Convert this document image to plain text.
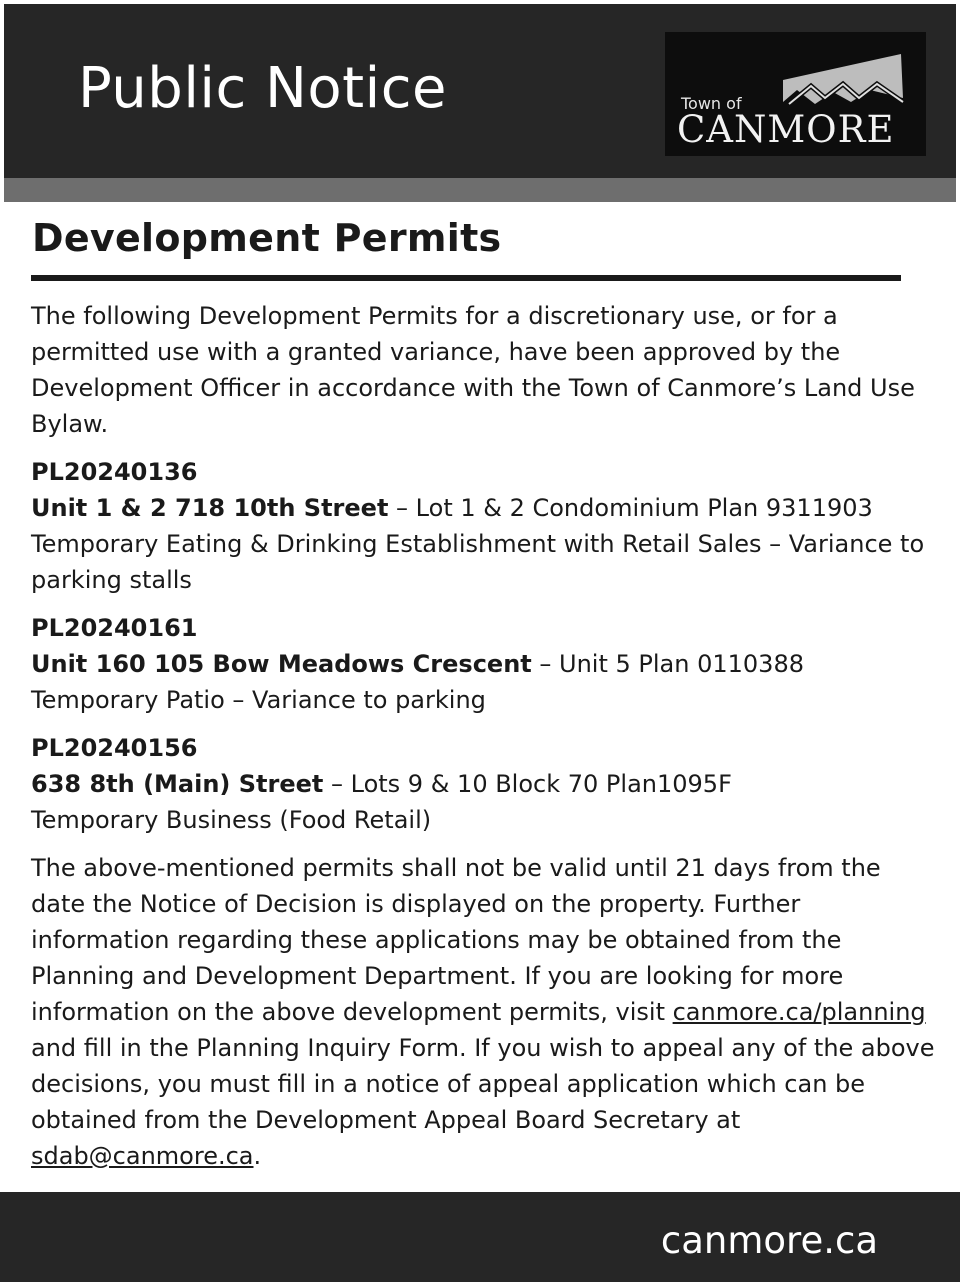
Public Notice	Town of
CANMORE
Development Permits

The following Development Permits for a discretionary use, or for a permitted use with a granted variance, have been approved by the Development Officer in accordance with the Town of Canmore’s Land Use Bylaw.

PL20240136
Unit 1 & 2 718 10th Street – Lot 1 & 2 Condominium Plan 9311903
Temporary Eating & Drinking Establishment with Retail Sales – Variance to parking stalls
PL20240161
Unit 160 105 Bow Meadows Crescent – Unit 5 Plan 0110388
Temporary Patio – Variance to parking
PL20240156
638 8th (Main) Street – Lots 9 & 10 Block 70 Plan1095F
Temporary Business (Food Retail)

The above-mentioned permits shall not be valid until 21 days from the date the Notice of Decision is displayed on the property. Further information regarding these applications may be obtained from the Planning and Development Department. If you are looking for more information on the above development permits, visit canmore.ca/planning and fill in the Planning Inquiry Form. If you wish to appeal any of the above decisions, you must fill in a notice of appeal application which can be obtained from the Development Appeal Board Secretary at sdab@canmore.ca.

canmore.ca
